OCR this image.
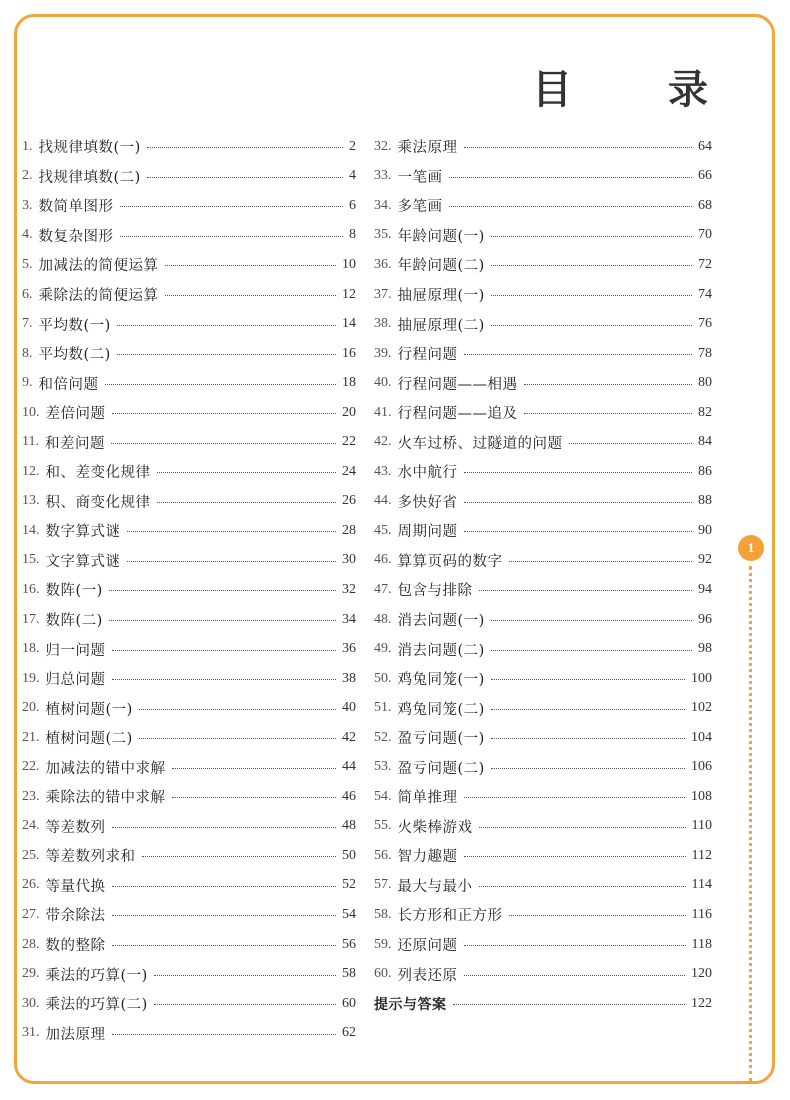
目 录
1. 找规律填数(一)	2
2. 找规律填数(二)	4
3. 数简单图形	6
4. 数复杂图形	8
5. 加减法的简便运算	10
6. 乘除法的简便运算	12
7. 平均数(一)	14
8. 平均数(二)	16
9. 和倍问题	18
10. 差倍问题	20
11. 和差问题	22
12. 和、差变化规律	24
13. 积、商变化规律	26
14. 数字算式谜	28
15. 文字算式谜	30
16. 数阵(一)	32
17. 数阵(二)	34
18. 归一问题	36
19. 归总问题	38
20. 植树问题(一)	40
21. 植树问题(二)	42
22. 加减法的错中求解	44
23. 乘除法的错中求解	46
24. 等差数列	48
25. 等差数列求和	50
26. 等量代换	52
27. 带余除法	54
28. 数的整除	56
29. 乘法的巧算(一)	58
30. 乘法的巧算(二)	60
31. 加法原理	62
32. 乘法原理	64
33. 一笔画	66
34. 多笔画	68
35. 年龄问题(一)	70
36. 年龄问题(二)	72
37. 抽屉原理(一)	74
38. 抽屉原理(二)	76
39. 行程问题	78
40. 行程问题——相遇	80
41. 行程问题——追及	82
42. 火车过桥、过隧道的问题	84
43. 水中航行	86
44. 多快好省	88
45. 周期问题	90
46. 算算页码的数字	92
47. 包含与排除	94
48. 消去问题(一)	96
49. 消去问题(二)	98
50. 鸡兔同笼(一)	100
51. 鸡兔同笼(二)	102
52. 盈亏问题(一)	104
53. 盈亏问题(二)	106
54. 简单推理	108
55. 火柴棒游戏	110
56. 智力趣题	112
57. 最大与最小	114
58. 长方形和正方形	116
59. 还原问题	118
60. 列表还原	120
提示与答案	122
1
